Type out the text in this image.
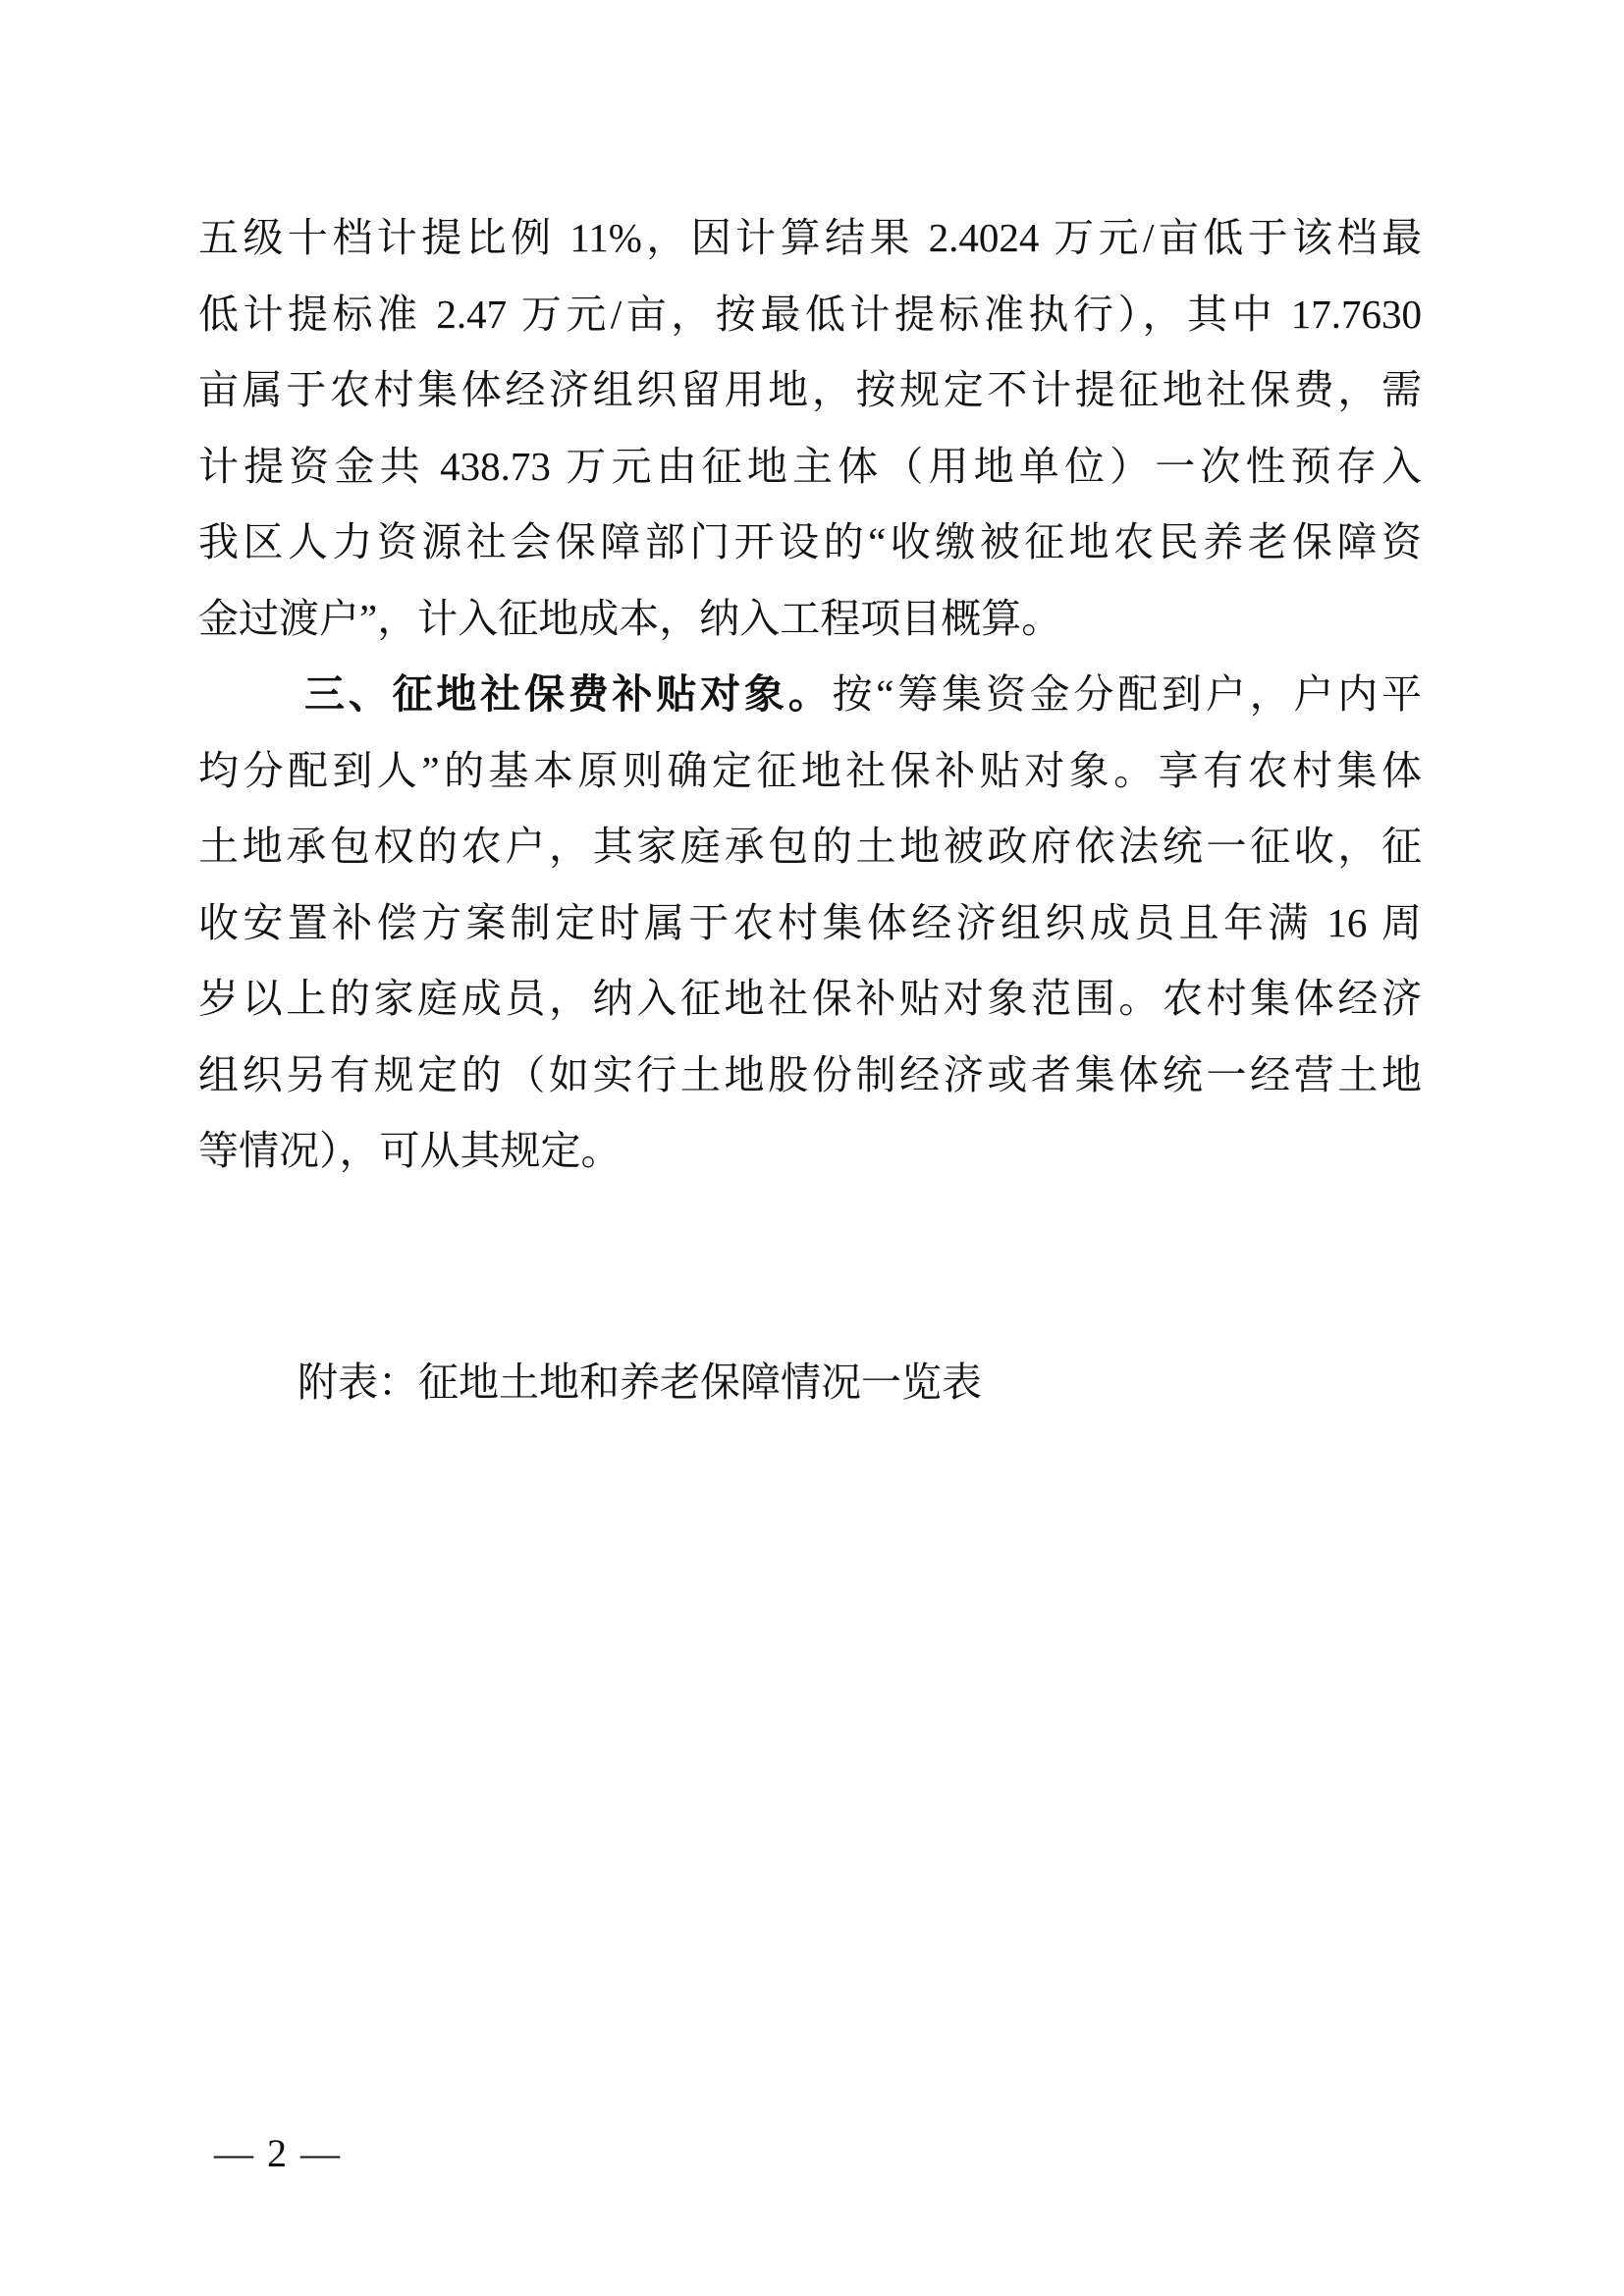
五级十档计提比例 11%，因计算结果 2.4024 万元/亩低于该档最
低计提标准 2.47 万元/亩，按最低计提标准执行），其中 17.7630
亩属于农村集体经济组织留用地，按规定不计提征地社保费，需
计提资金共 438.73 万元由征地主体（用地单位）一次性预存入
我区人力资源社会保障部门开设的“收缴被征地农民养老保障资
金过渡户”，计入征地成本，纳入工程项目概算。
三、征地社保费补贴对象。按“筹集资金分配到户，户内平
均分配到人”的基本原则确定征地社保补贴对象。享有农村集体
土地承包权的农户，其家庭承包的土地被政府依法统一征收，征
收安置补偿方案制定时属于农村集体经济组织成员且年满 16 周
岁以上的家庭成员，纳入征地社保补贴对象范围。农村集体经济
组织另有规定的（如实行土地股份制经济或者集体统一经营土地
等情况），可从其规定。
附表：征地土地和养老保障情况一览表
— 2 —
